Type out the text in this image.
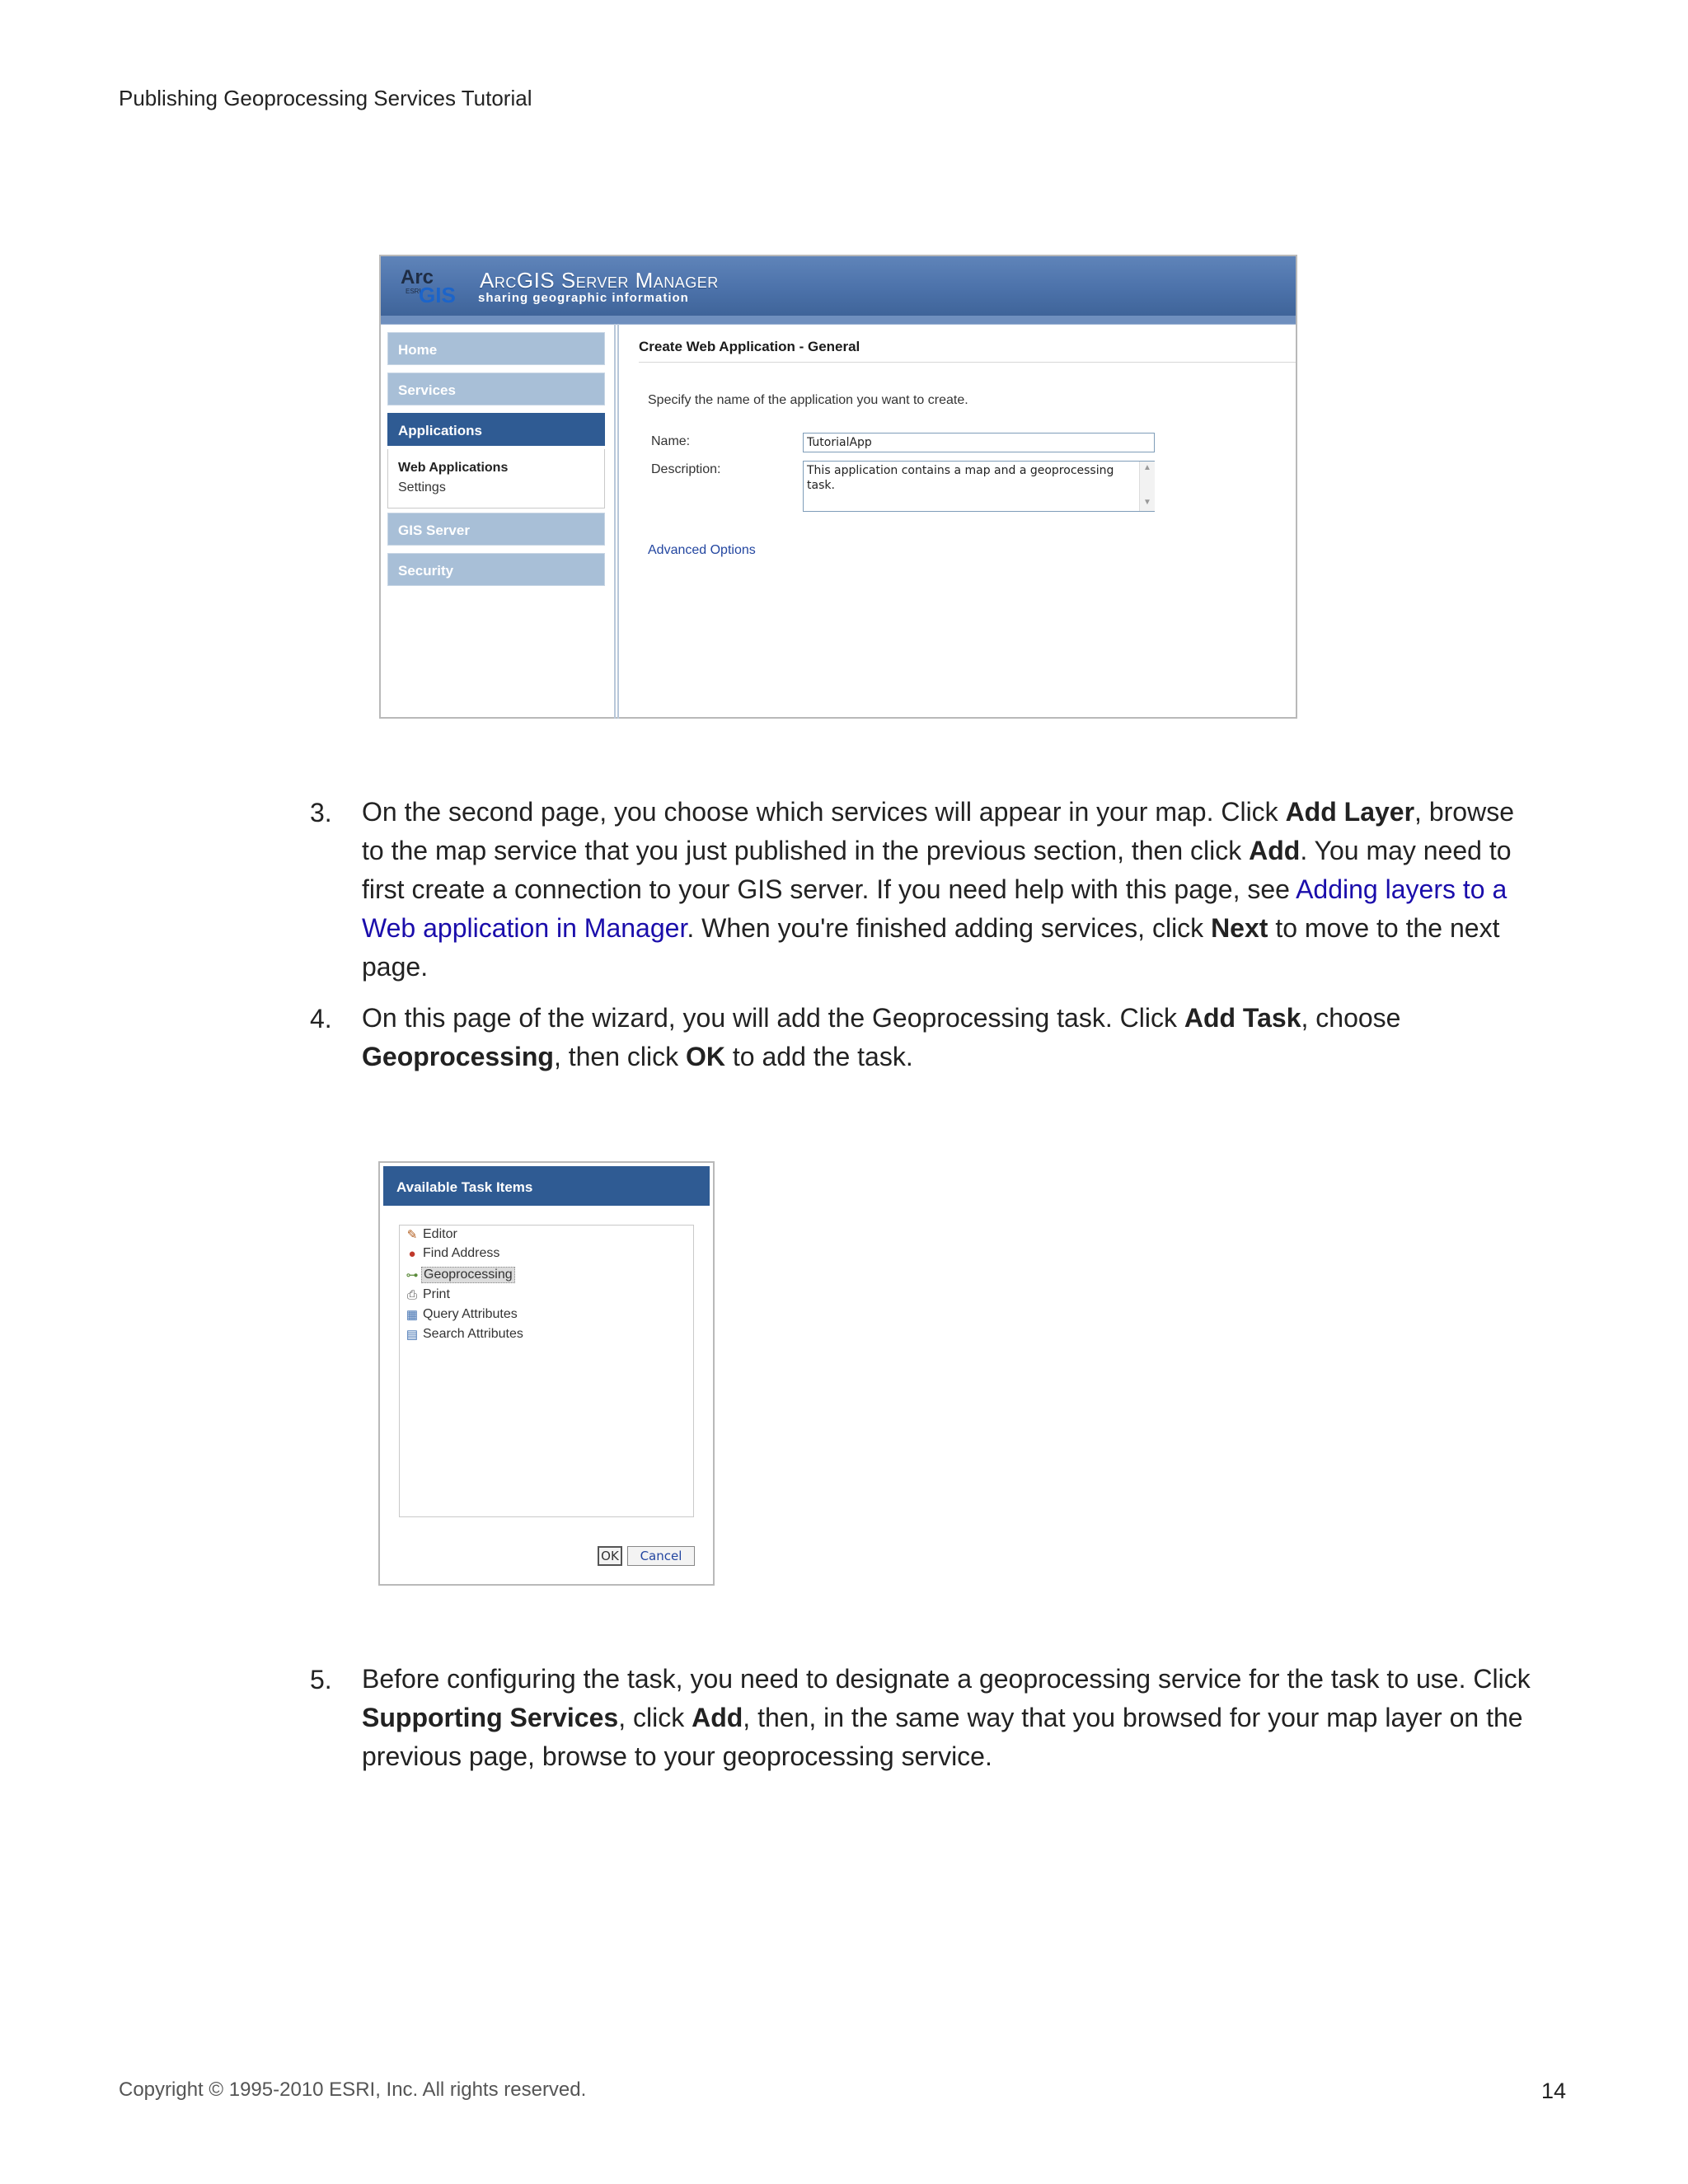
Publishing Geoprocessing Services Tutorial
Arc
ESRI
GIS
ArcGIS Server Manager
sharing geographic information
Home
Services
Applications
Web Applications
Settings
GIS Server
Security
Create Web Application - General
Specify the name of the application you want to create.
Name:
TutorialApp
Description:
This application contains a map and a geoprocessing task.	▲
▼
Advanced Options
3. On the second page, you choose which services will appear in your map. Click Add Layer, browse to the map service that you just published in the previous section, then click Add. You may need to first create a connection to your GIS server. If you need help with this page, see Adding layers to a Web application in Manager. When you're finished adding services, click Next to move to the next page.
4. On this page of the wizard, you will add the Geoprocessing task. Click Add Task, choose Geoprocessing, then click OK to add the task.
Available Task Items
✎ Editor
● Find Address
⊶ Geoprocessing
⎙ Print
▦ Query Attributes
▤ Search Attributes
OK	Cancel
5. Before configuring the task, you need to designate a geoprocessing service for the task to use. Click Supporting Services, click Add, then, in the same way that you browsed for your map layer on the previous page, browse to your geoprocessing service.
Copyright © 1995-2010 ESRI, Inc. All rights reserved.	14
